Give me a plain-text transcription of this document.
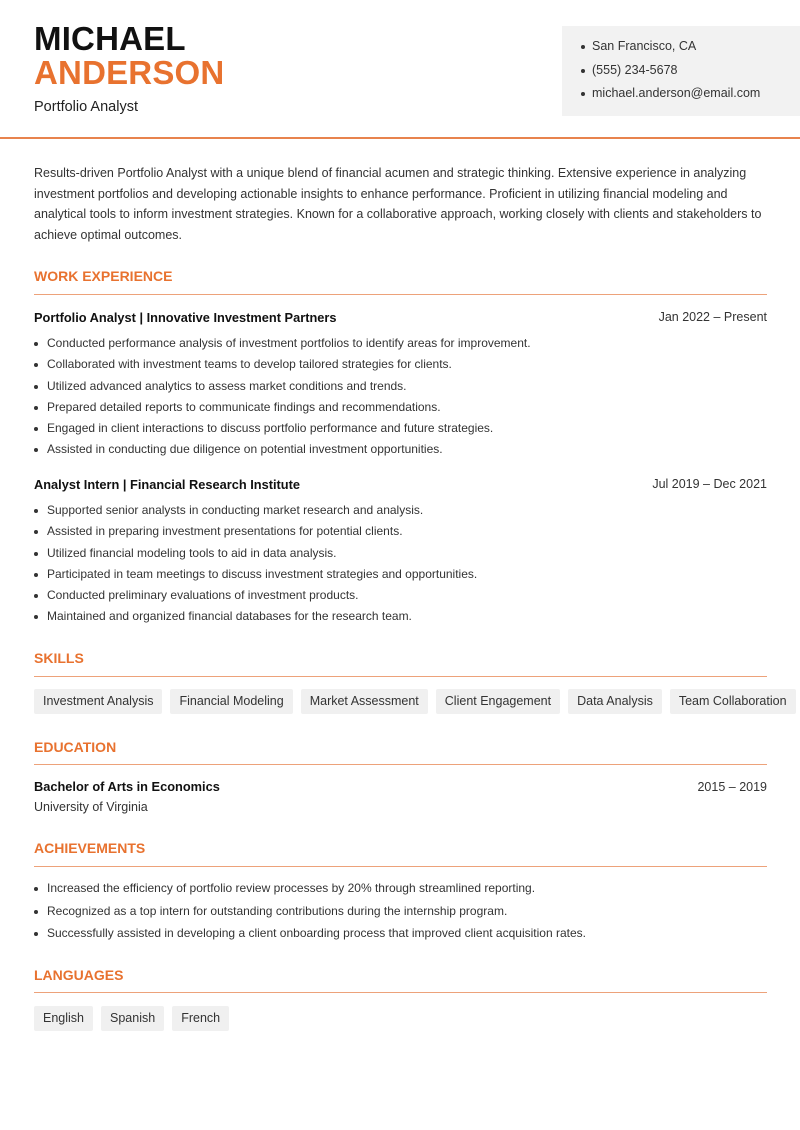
MICHAEL
ANDERSON
Portfolio Analyst
San Francisco, CA
(555) 234-5678
michael.anderson@email.com
Results-driven Portfolio Analyst with a unique blend of financial acumen and strategic thinking. Extensive experience in analyzing investment portfolios and developing actionable insights to enhance performance. Proficient in utilizing financial modeling and analytical tools to inform investment strategies. Known for a collaborative approach, working closely with clients and stakeholders to achieve optimal outcomes.
WORK EXPERIENCE
Portfolio Analyst | Innovative Investment Partners	Jan 2022 – Present
Conducted performance analysis of investment portfolios to identify areas for improvement.
Collaborated with investment teams to develop tailored strategies for clients.
Utilized advanced analytics to assess market conditions and trends.
Prepared detailed reports to communicate findings and recommendations.
Engaged in client interactions to discuss portfolio performance and future strategies.
Assisted in conducting due diligence on potential investment opportunities.
Analyst Intern | Financial Research Institute	Jul 2019 – Dec 2021
Supported senior analysts in conducting market research and analysis.
Assisted in preparing investment presentations for potential clients.
Utilized financial modeling tools to aid in data analysis.
Participated in team meetings to discuss investment strategies and opportunities.
Conducted preliminary evaluations of investment products.
Maintained and organized financial databases for the research team.
SKILLS
Investment Analysis	Financial Modeling	Market Assessment	Client Engagement	Data Analysis	Team Collaboration
EDUCATION
Bachelor of Arts in Economics	2015 – 2019
University of Virginia
ACHIEVEMENTS
Increased the efficiency of portfolio review processes by 20% through streamlined reporting.
Recognized as a top intern for outstanding contributions during the internship program.
Successfully assisted in developing a client onboarding process that improved client acquisition rates.
LANGUAGES
English	Spanish	French
